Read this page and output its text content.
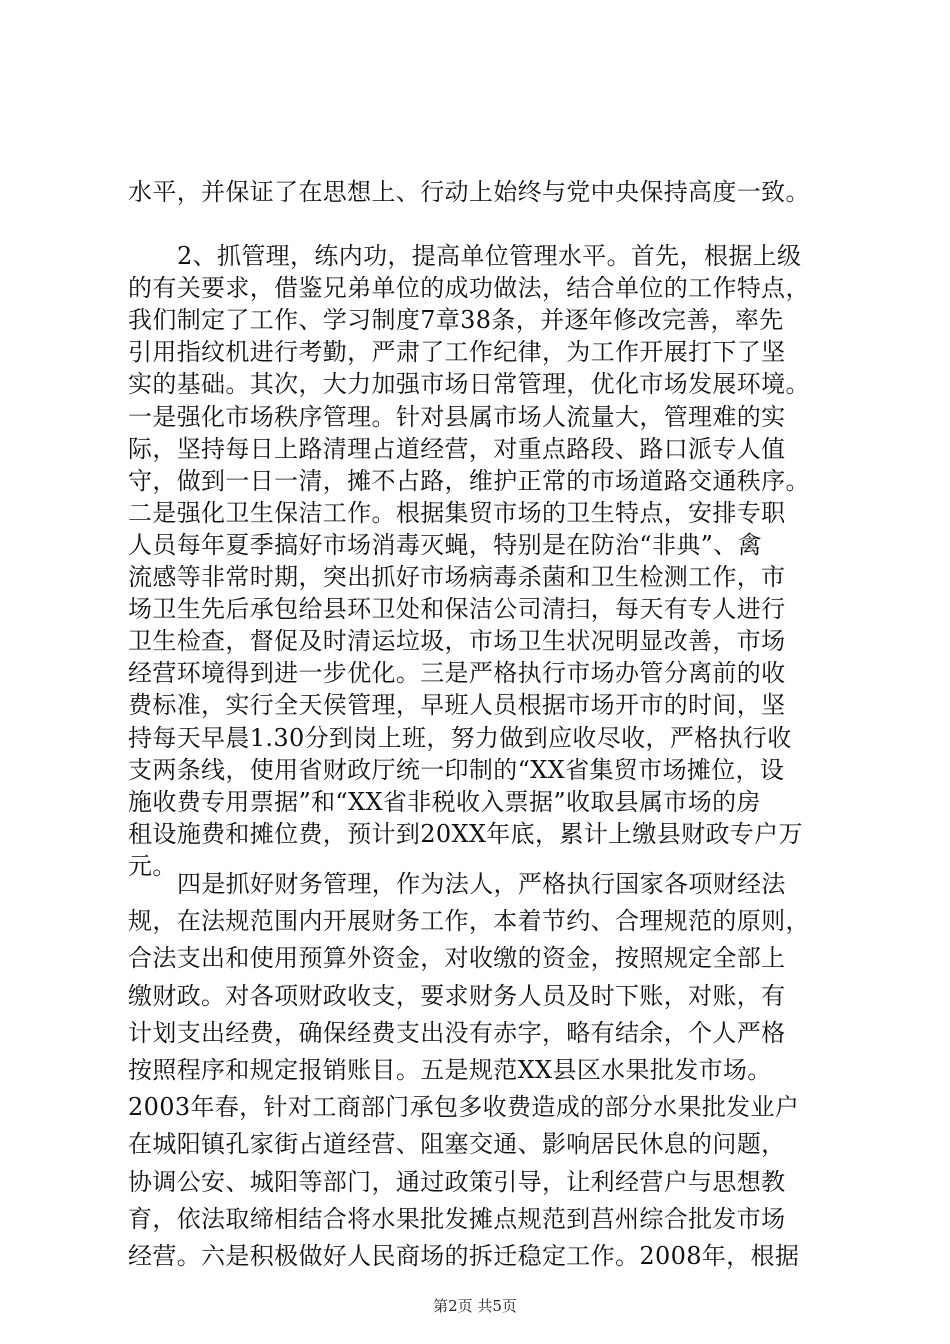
水平，并保证了在思想上、行动上始终与党中央保持高度一致。
2、抓管理，练内功，提高单位管理水平。首先，根据上级
的有关要求，借鉴兄弟单位的成功做法，结合单位的工作特点，
我们制定了工作、学习制度7章38条，并逐年修改完善，率先
引用指纹机进行考勤，严肃了工作纪律，为工作开展打下了坚
实的基础。其次，大力加强市场日常管理，优化市场发展环境。
一是强化市场秩序管理。针对县属市场人流量大，管理难的实
际，坚持每日上路清理占道经营，对重点路段、路口派专人值
守，做到一日一清，摊不占路，维护正常的市场道路交通秩序。
二是强化卫生保洁工作。根据集贸市场的卫生特点，安排专职
人员每年夏季搞好市场消毒灭蝇，特别是在防治“非典”、禽
流感等非常时期，突出抓好市场病毒杀菌和卫生检测工作，市
场卫生先后承包给县环卫处和保洁公司清扫，每天有专人进行
卫生检查，督促及时清运垃圾，市场卫生状况明显改善，市场
经营环境得到进一步优化。三是严格执行市场办管分离前的收
费标准，实行全天侯管理，早班人员根据市场开市的时间，坚
持每天早晨1.30分到岗上班，努力做到应收尽收，严格执行收
支两条线，使用省财政厅统一印制的“XX省集贸市场摊位，设
施收费专用票据”和“XX省非税收入票据”收取县属市场的房
租设施费和摊位费，预计到20XX年底，累计上缴县财政专户万
元。
四是抓好财务管理，作为法人，严格执行国家各项财经法
规，在法规范围内开展财务工作，本着节约、合理规范的原则，
合法支出和使用预算外资金，对收缴的资金，按照规定全部上
缴财政。对各项财政收支，要求财务人员及时下账，对账，有
计划支出经费，确保经费支出没有赤字，略有结余，个人严格
按照程序和规定报销账目。五是规范XX县区水果批发市场。
2003年春，针对工商部门承包多收费造成的部分水果批发业户
在城阳镇孔家街占道经营、阻塞交通、影响居民休息的问题，
协调公安、城阳等部门，通过政策引导，让利经营户与思想教
育，依法取缔相结合将水果批发摊点规范到莒州综合批发市场
经营。六是积极做好人民商场的拆迁稳定工作。2008年，根据
第2页 共5页
